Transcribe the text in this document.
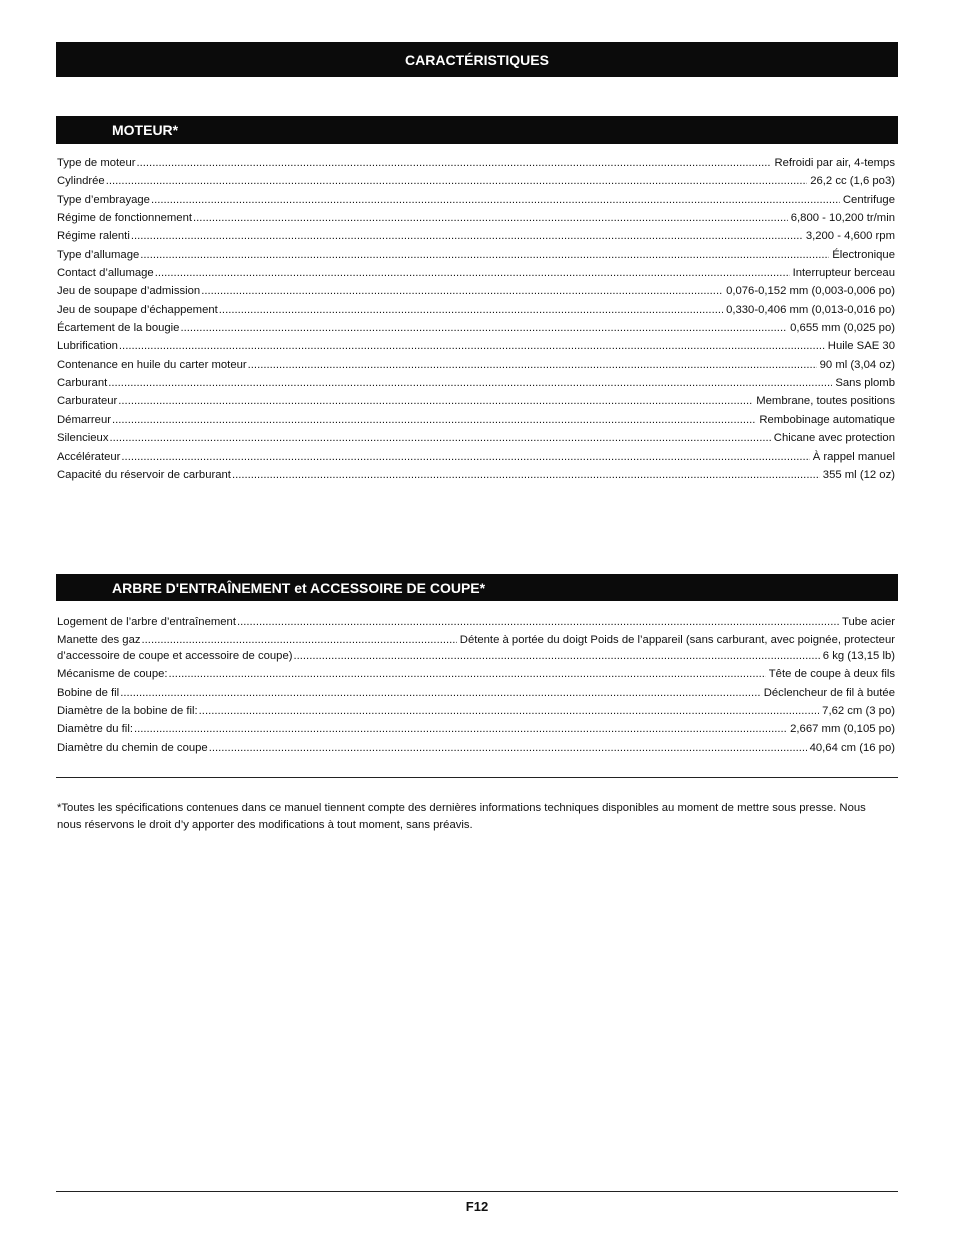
CARACTÉRISTIQUES
MOTEUR*
Type de moteur .....	Refroidi par air, 4-temps
Cylindrée .....	26,2 cc (1,6 po3)
Type d’embrayage .....	Centrifuge
Régime de fonctionnement .....	6,800 - 10,200 tr/min
Régime ralenti .....	3,200 - 4,600 rpm
Type d’allumage .....	Électronique
Contact d’allumage .....	Interrupteur berceau
Jeu de soupape d’admission .....	0,076-0,152 mm (0,003-0,006 po)
Jeu de soupape d’échappement .....	0,330-0,406 mm (0,013-0,016 po)
Écartement de la bougie .....	0,655 mm (0,025 po)
Lubrification .....	Huile SAE 30
Contenance en huile du carter moteur .....	90 ml (3,04 oz)
Carburant .....	Sans plomb
Carburateur .....	Membrane, toutes positions
Démarreur .....	Rembobinage automatique
Silencieux .....	Chicane avec protection
Accélérateur .....	À rappel manuel
Capacité du réservoir de carburant .....	355 ml (12 oz)
ARBRE D'ENTRAÎNEMENT et ACCESSOIRE DE COUPE*
Logement de l’arbre d’entraînement .....	Tube acier
Manette des gaz .....	Détente à portée du doigt Poids de l’appareil (sans carburant, avec poignée, protecteur
d’accessoire de coupe et accessoire de coupe) .....	6 kg (13,15 lb)
Mécanisme de coupe: .....	Tête de coupe à deux fils
Bobine de fil .....	Déclencheur de fil à butée
Diamètre de la bobine de fil: .....	7,62 cm (3 po)
Diamètre du fil: .....	2,667 mm (0,105 po)
Diamètre du chemin de coupe .....	40,64 cm (16 po)
*Toutes les spécifications contenues dans ce manuel tiennent compte des dernières informations techniques disponibles au moment de mettre sous presse. Nous nous réservons le droit d’y apporter des modifications à tout moment, sans préavis.
F12
